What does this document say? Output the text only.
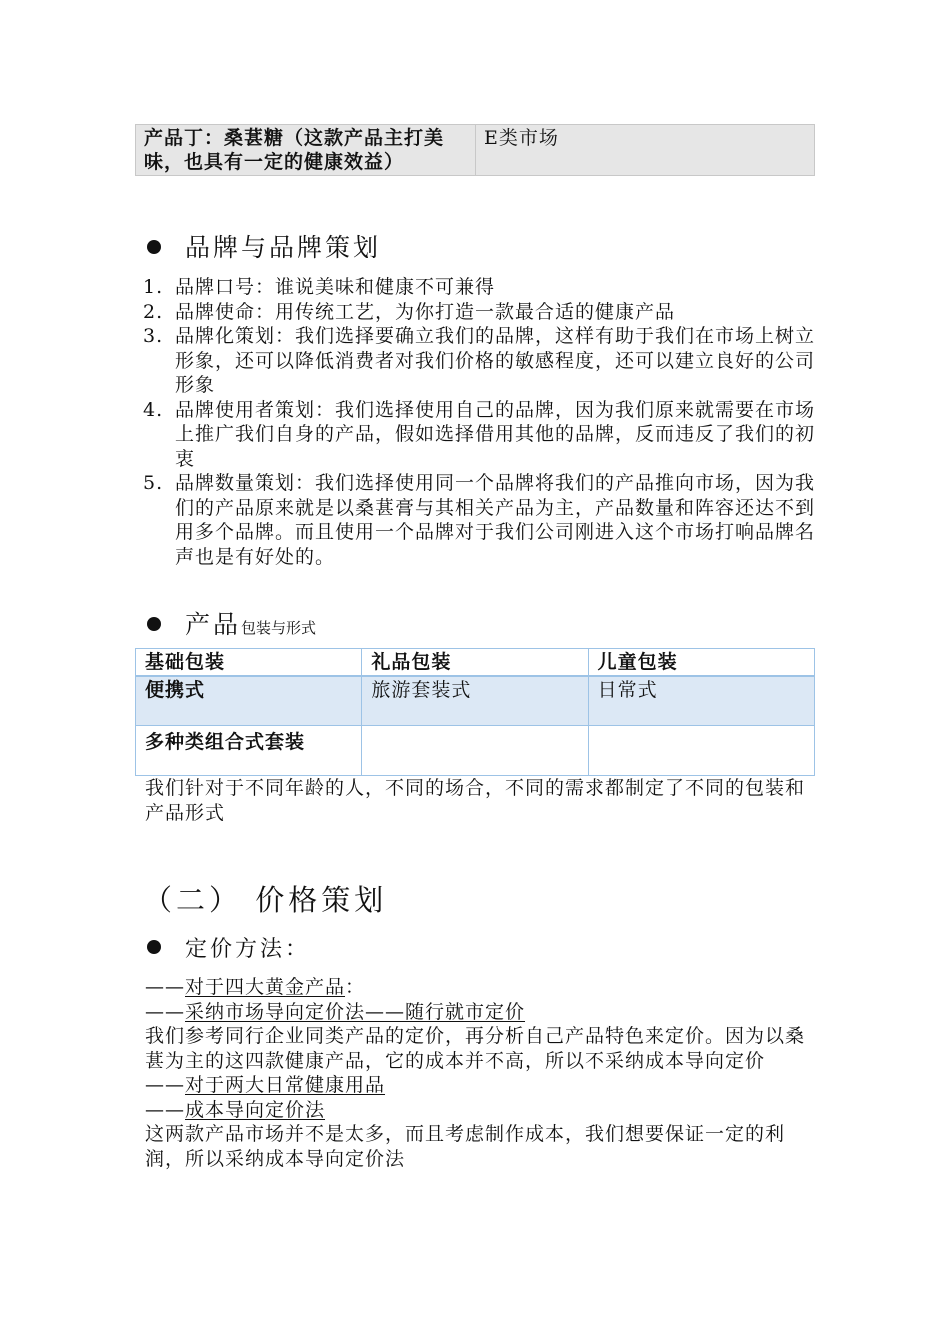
产品丁：桑葚糖（这款产品主打美味，也具有一定的健康效益）	E类市场
品牌与品牌策划
1. 品牌口号：谁说美味和健康不可兼得
2. 品牌使命：用传统工艺，为你打造一款最合适的健康产品
3. 品牌化策划：我们选择要确立我们的品牌，这样有助于我们在市场上树立形象，还可以降低消费者对我们价格的敏感程度，还可以建立良好的公司形象
4. 品牌使用者策划：我们选择使用自己的品牌，因为我们原来就需要在市场上推广我们自身的产品，假如选择借用其他的品牌，反而违反了我们的初衷
5. 品牌数量策划：我们选择使用同一个品牌将我们的产品推向市场，因为我们的产品原来就是以桑葚膏与其相关产品为主，产品数量和阵容还达不到用多个品牌。而且使用一个品牌对于我们公司刚进入这个市场打响品牌名声也是有好处的。
产品包装与形式
基础包装	礼品包装	儿童包装
便携式	旅游套装式	日常式
多种类组合式套装		
我们针对于不同年龄的人，不同的场合，不同的需求都制定了不同的包装和产品形式
（二） 价格策划
定价方法：
——对于四大黄金产品：
——采纳市场导向定价法——随行就市定价
我们参考同行企业同类产品的定价，再分析自己产品特色来定价。因为以桑葚为主的这四款健康产品，它的成本并不高，所以不采纳成本导向定价
——对于两大日常健康用品
——成本导向定价法
这两款产品市场并不是太多，而且考虑制作成本，我们想要保证一定的利润，所以采纳成本导向定价法
